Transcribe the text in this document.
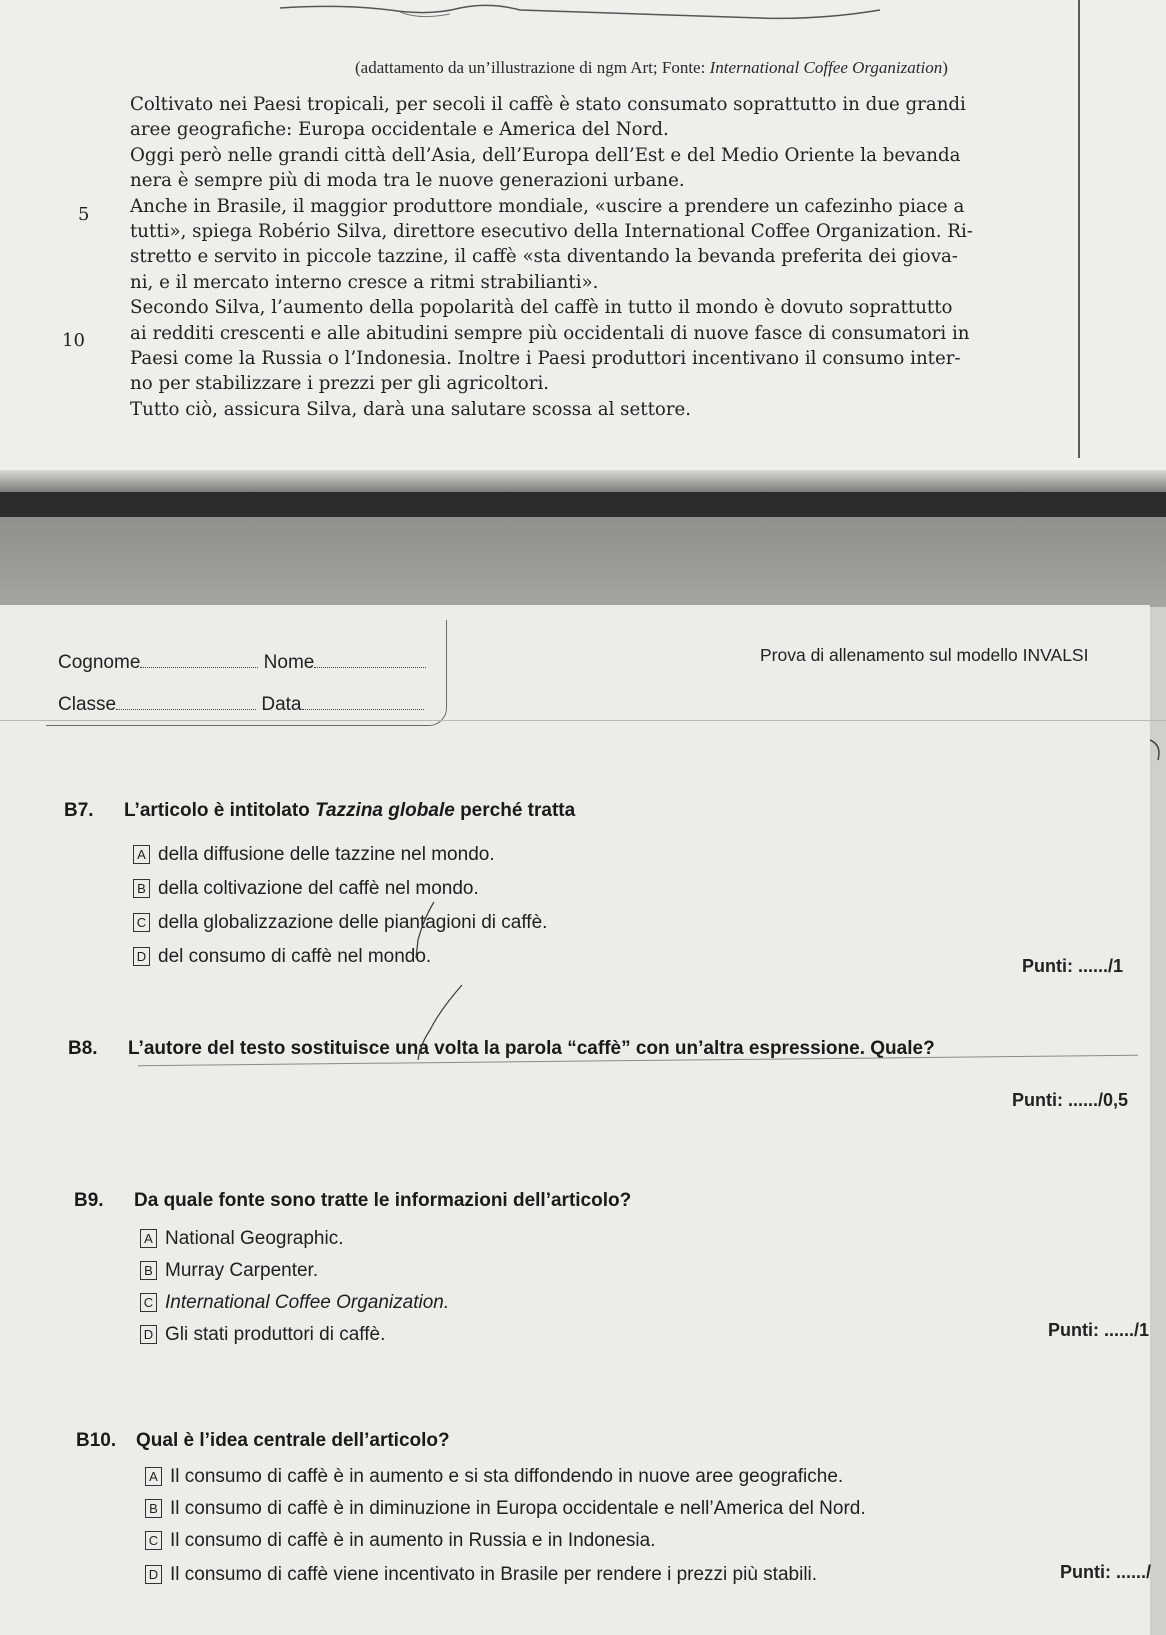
(adattamento da un’illustrazione di ngm Art; Fonte: International Coffee Organization)
5
10

Coltivato nei Paesi tropicali, per secoli il caffè è stato consumato soprattutto in due grandi

aree geografiche: Europa occidentale e America del Nord.

Oggi però nelle grandi città dell’Asia, dell’Europa dell’Est e del Medio Oriente la bevanda

nera è sempre più di moda tra le nuove generazioni urbane.

Anche in Brasile, il maggior produttore mondiale, «uscire a prendere un cafezinho piace a

tutti», spiega Robério Silva, direttore esecutivo della International Coffee Organization. Ri-

stretto e servito in piccole tazzine, il caffè «sta diventando la bevanda preferita dei giova-

ni, e il mercato interno cresce a ritmi strabilianti».

Secondo Silva, l’aumento della popolarità del caffè in tutto il mondo è dovuto soprattutto

ai redditi crescenti e alle abitudini sempre più occidentali di nuove fasce di consumatori in

Paesi come la Russia o l’Indonesia. Inoltre i Paesi produttori incentivano il consumo inter-

no per stabilizzare i prezzi per gli agricoltori.

Tutto ciò, assicura Silva, darà una salutare scossa al settore.

Cognome	Nome
Classe	Data
Prova di allenamento sul modello INVALSI
B7. L’articolo è intitolato Tazzina globale perché tratta
A della diffusione delle tazzine nel mondo.
B della coltivazione del caffè nel mondo.
C della globalizzazione delle piantagioni di caffè.
D del consumo di caffè nel mondo.	Punti: ....../1
B8. L’autore del testo sostituisce una volta la parola “caffè” con un’altra espressione. Quale?
Punti: ....../0,5
B9. Da quale fonte sono tratte le informazioni dell’articolo?
A National Geographic.
B Murray Carpenter.
C International Coffee Organization.
D Gli stati produttori di caffè.	Punti: ....../1
B10. Qual è l’idea centrale dell’articolo?
A Il consumo di caffè è in aumento e si sta diffondendo in nuove aree geografiche.
B Il consumo di caffè è in diminuzione in Europa occidentale e nell’America del Nord.
C Il consumo di caffè è in aumento in Russia e in Indonesia.
D Il consumo di caffè viene incentivato in Brasile per rendere i prezzi più stabili.	Punti: ....../
